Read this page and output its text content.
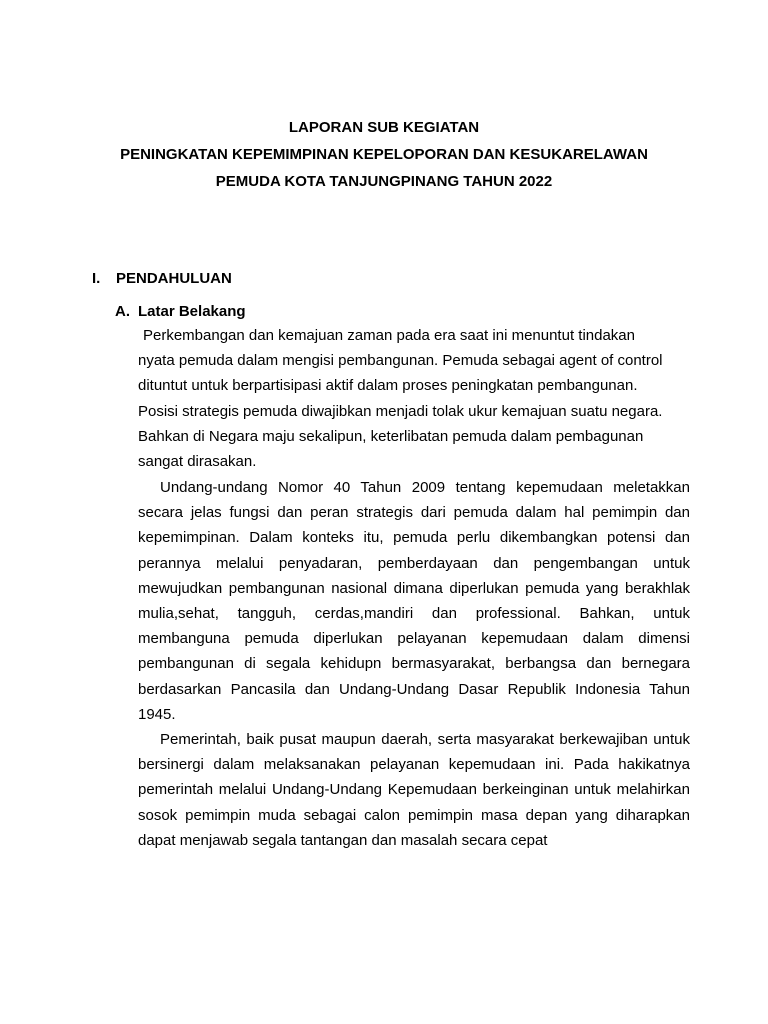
LAPORAN SUB KEGIATAN
PENINGKATAN KEPEMIMPINAN KEPELOPORAN DAN KESUKARELAWAN
PEMUDA KOTA TANJUNGPINANG TAHUN 2022
I. PENDAHULUAN
A. Latar Belakang
Perkembangan dan kemajuan zaman pada era saat ini menuntut tindakan
nyata pemuda dalam mengisi pembangunan. Pemuda sebagai agent of control
dituntut untuk berpartisipasi aktif dalam proses peningkatan pembangunan.
Posisi strategis pemuda diwajibkan menjadi tolak ukur kemajuan suatu negara.
Bahkan di Negara maju sekalipun, keterlibatan pemuda dalam pembagunan
sangat dirasakan.
Undang-undang Nomor 40 Tahun 2009 tentang kepemudaan meletakkan secara jelas fungsi dan peran strategis dari pemuda dalam hal pemimpin dan kepemimpinan. Dalam konteks itu, pemuda perlu dikembangkan potensi dan perannya melalui penyadaran, pemberdayaan dan pengembangan untuk mewujudkan pembangunan nasional dimana diperlukan pemuda yang berakhlak mulia,sehat, tangguh, cerdas,mandiri dan professional. Bahkan, untuk membanguna pemuda diperlukan pelayanan kepemudaan dalam dimensi pembangunan di segala kehidupn bermasyarakat, berbangsa dan bernegara berdasarkan Pancasila dan Undang-Undang Dasar Republik Indonesia Tahun 1945.
Pemerintah, baik pusat maupun daerah, serta masyarakat berkewajiban untuk bersinergi dalam melaksanakan pelayanan kepemudaan ini. Pada hakikatnya pemerintah melalui Undang-Undang Kepemudaan berkeinginan untuk melahirkan sosok pemimpin muda sebagai calon pemimpin masa depan yang diharapkan dapat menjawab segala tantangan dan masalah secara cepat
